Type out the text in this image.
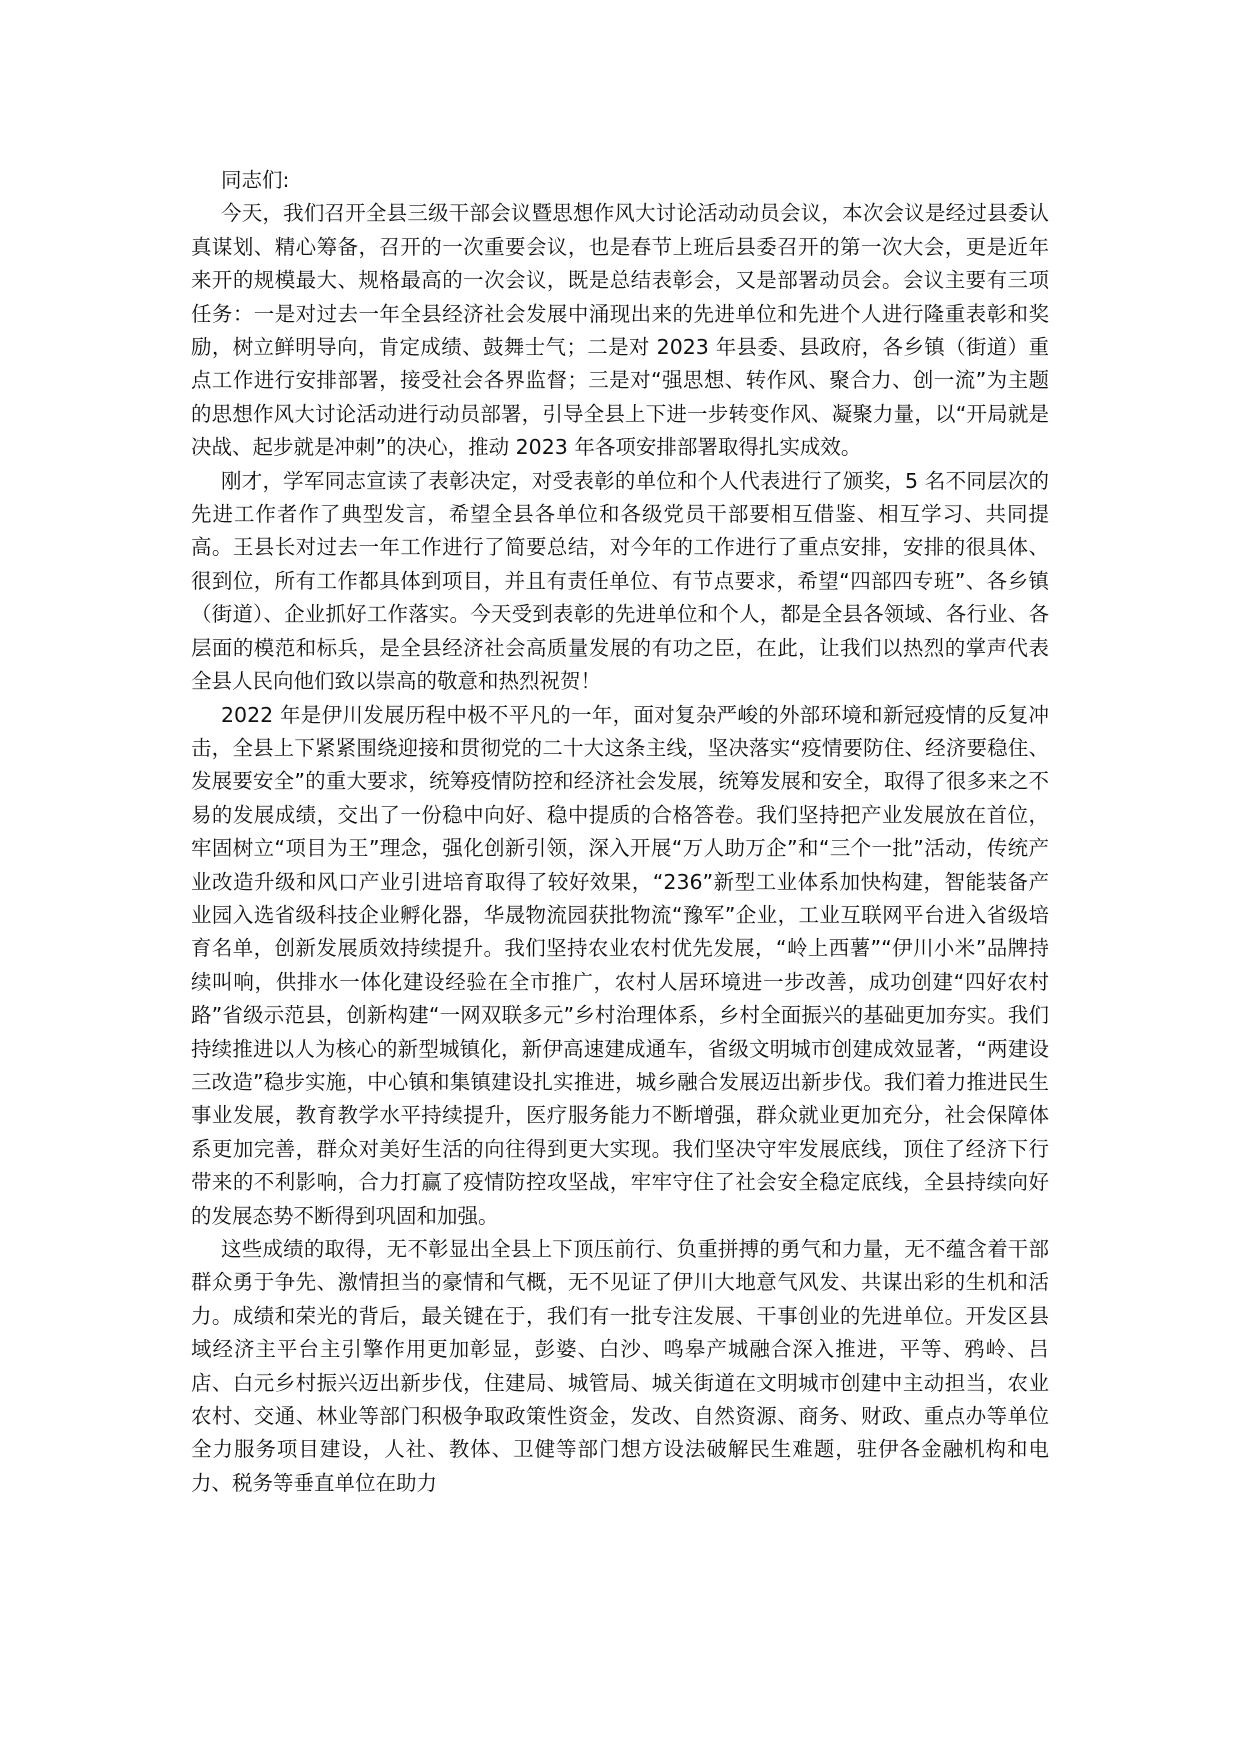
同志们:

今天，我们召开全县三级干部会议暨思想作风大讨论活动动员会议，本次会议是经过县委认真谋划、精心筹备，召开的一次重要会议，也是春节上班后县委召开的第一次大会，更是近年来开的规模最大、规格最高的一次会议，既是总结表彰会，又是部署动员会。会议主要有三项任务：一是对过去一年全县经济社会发展中涌现出来的先进单位和先进个人进行隆重表彰和奖励，树立鲜明导向，肯定成绩、鼓舞士气；二是对 2023 年县委、县政府，各乡镇（街道）重点工作进行安排部署，接受社会各界监督；三是对“强思想、转作风、聚合力、创一流”为主题的思想作风大讨论活动进行动员部署，引导全县上下进一步转变作风、凝聚力量，以“开局就是决战、起步就是冲刺”的决心，推动 2023 年各项安排部署取得扎实成效。

刚才，学军同志宣读了表彰决定，对受表彰的单位和个人代表进行了颁奖，5 名不同层次的先进工作者作了典型发言，希望全县各单位和各级党员干部要相互借鉴、相互学习、共同提高。王县长对过去一年工作进行了简要总结，对今年的工作进行了重点安排，安排的很具体、很到位，所有工作都具体到项目，并且有责任单位、有节点要求，希望“四部四专班”、各乡镇（街道）、企业抓好工作落实。今天受到表彰的先进单位和个人，都是全县各领域、各行业、各层面的模范和标兵，是全县经济社会高质量发展的有功之臣，在此，让我们以热烈的掌声代表全县人民向他们致以崇高的敬意和热烈祝贺！

2022 年是伊川发展历程中极不平凡的一年，面对复杂严峻的外部环境和新冠疫情的反复冲击，全县上下紧紧围绕迎接和贯彻党的二十大这条主线，坚决落实“疫情要防住、经济要稳住、发展要安全”的重大要求，统筹疫情防控和经济社会发展，统筹发展和安全，取得了很多来之不易的发展成绩，交出了一份稳中向好、稳中提质的合格答卷。我们坚持把产业发展放在首位，牢固树立“项目为王”理念，强化创新引领，深入开展“万人助万企”和“三个一批”活动，传统产业改造升级和风口产业引进培育取得了较好效果，“236”新型工业体系加快构建，智能装备产业园入选省级科技企业孵化器，华晟物流园获批物流“豫军”企业，工业互联网平台进入省级培育名单，创新发展质效持续提升。我们坚持农业农村优先发展，“岭上西薯”“伊川小米”品牌持续叫响，供排水一体化建设经验在全市推广，农村人居环境进一步改善，成功创建“四好农村路”省级示范县，创新构建“一网双联多元”乡村治理体系，乡村全面振兴的基础更加夯实。我们持续推进以人为核心的新型城镇化，新伊高速建成通车，省级文明城市创建成效显著，“两建设三改造”稳步实施，中心镇和集镇建设扎实推进，城乡融合发展迈出新步伐。我们着力推进民生事业发展，教育教学水平持续提升，医疗服务能力不断增强，群众就业更加充分，社会保障体系更加完善，群众对美好生活的向往得到更大实现。我们坚决守牢发展底线，顶住了经济下行带来的不利影响，合力打赢了疫情防控攻坚战，牢牢守住了社会安全稳定底线，全县持续向好的发展态势不断得到巩固和加强。

这些成绩的取得，无不彰显出全县上下顶压前行、负重拼搏的勇气和力量，无不蕴含着干部群众勇于争先、激情担当的豪情和气概，无不见证了伊川大地意气风发、共谋出彩的生机和活力。成绩和荣光的背后，最关键在于，我们有一批专注发展、干事创业的先进单位。开发区县域经济主平台主引擎作用更加彰显，彭婆、白沙、鸣皋产城融合深入推进，平等、鸦岭、吕店、白元乡村振兴迈出新步伐，住建局、城管局、城关街道在文明城市创建中主动担当，农业农村、交通、林业等部门积极争取政策性资金，发改、自然资源、商务、财政、重点办等单位全力服务项目建设，人社、教体、卫健等部门想方设法破解民生难题，驻伊各金融机构和电力、税务等垂直单位在助力
